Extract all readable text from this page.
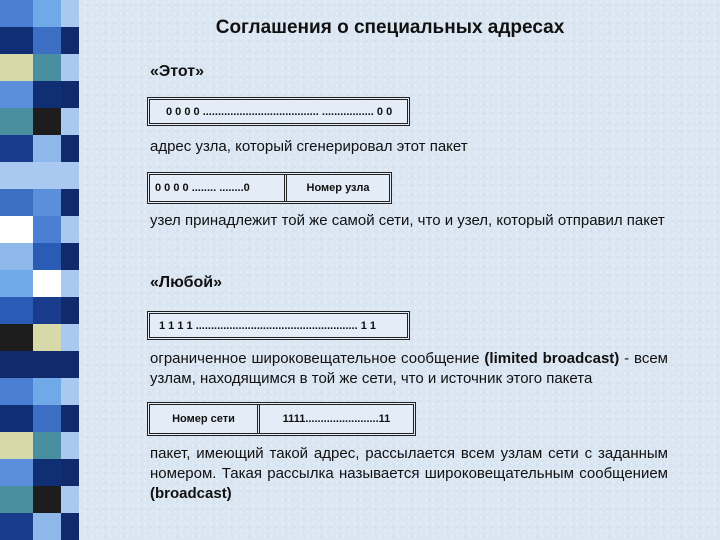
Соглашения о специальных адресах
«Этот»
0 0 0 0 ...................................... ................. 0 0

адрес узла, который сгенерировал этот пакет

0 0 0 0 ........ ........0	Номер узла

узел принадлежит той же самой сети, что и узел, который отправил пакет

«Любой»
1 1 1 1 ..................................................... 1 1

ограниченное широковещательное сообщение (limited broadcast) - всем узлам, находящимся в той же сети, что и источник этого пакета

Номер сети	1111........................11

пакет, имеющий такой адрес, рассылается всем узлам сети с заданным номером. Такая рассылка называется широковещательным сообщением (broadcast)
